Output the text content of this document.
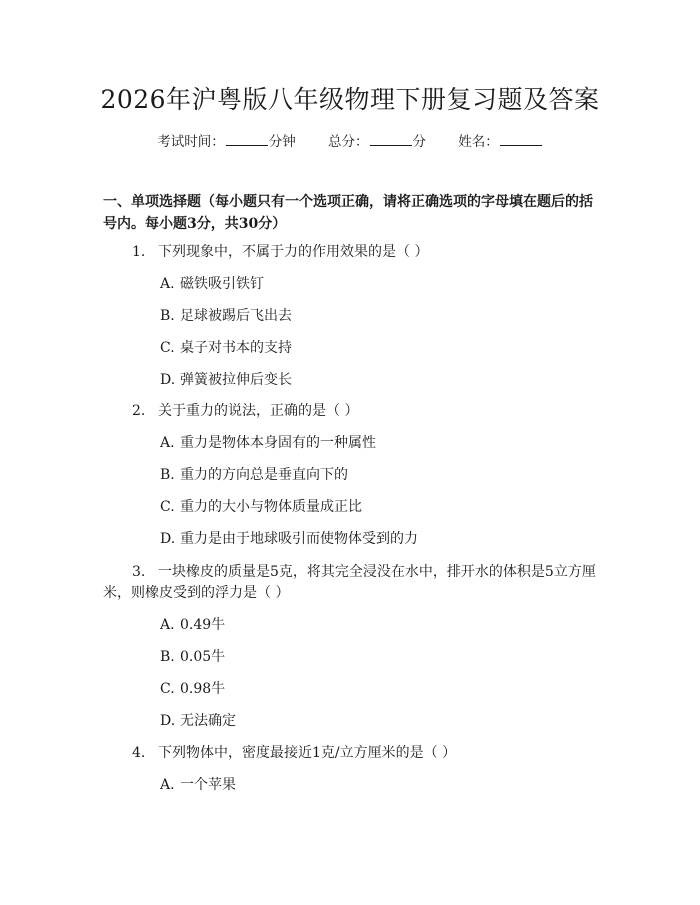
2026年沪粤版八年级物理下册复习题及答案
考试时间：	分钟 总分：	分 姓名：
一、单项选择题（每小题只有一个选项正确，请将正确选项的字母填在题后的括号内。每小题3分，共30分）
1. 下列现象中，不属于力的作用效果的是（ ）
A. 磁铁吸引铁钉
B. 足球被踢后飞出去
C. 桌子对书本的支持
D. 弹簧被拉伸后变长
2. 关于重力的说法，正确的是（ ）
A. 重力是物体本身固有的一种属性
B. 重力的方向总是垂直向下的
C. 重力的大小与物体质量成正比
D. 重力是由于地球吸引而使物体受到的力
3. 一块橡皮的质量是5克，将其完全浸没在水中，排开水的体积是5立方厘
米，则橡皮受到的浮力是（ ）
A. 0.49牛
B. 0.05牛
C. 0.98牛
D. 无法确定
4. 下列物体中，密度最接近1克/立方厘米的是（ ）
A. 一个苹果
